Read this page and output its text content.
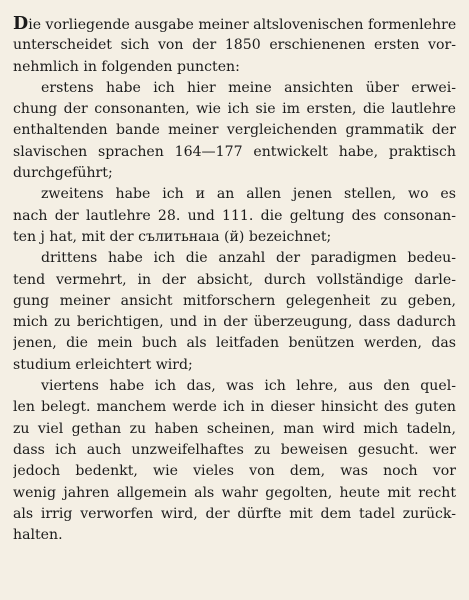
Die vorliegende ausgabe meiner altslovenischen formenlehre
unterscheidet sich von der 1850 erschienenen ersten vor-
nehmlich in folgenden puncten:
erstens habe ich hier meine ansichten über erwei-
chung der consonanten, wie ich sie im ersten, die lautlehre
enthaltenden bande meiner vergleichenden grammatik der
slavischen sprachen 164—177 entwickelt habe, praktisch
durchgeführt;
zweitens habe ich и an allen jenen stellen, wo es
nach der lautlehre 28. und 111. die geltung des consonan-
ten j hat, mit der сълитьнаıа (й) bezeichnet;
drittens habe ich die anzahl der paradigmen bedeu-
tend vermehrt, in der absicht, durch vollständige darle-
gung meiner ansicht mitforschern gelegenheit zu geben,
mich zu berichtigen, und in der überzeugung, dass dadurch
jenen, die mein buch als leitfaden benützen werden, das
studium erleichtert wird;
viertens habe ich das, was ich lehre, aus den quel-
len belegt. manchem werde ich in dieser hinsicht des guten
zu viel gethan zu haben scheinen, man wird mich tadeln,
dass ich auch unzweifelhaftes zu beweisen gesucht. wer
jedoch bedenkt, wie vieles von dem, was noch vor
wenig jahren allgemein als wahr gegolten, heute mit recht
als irrig verworfen wird, der dürfte mit dem tadel zurück-
halten.
